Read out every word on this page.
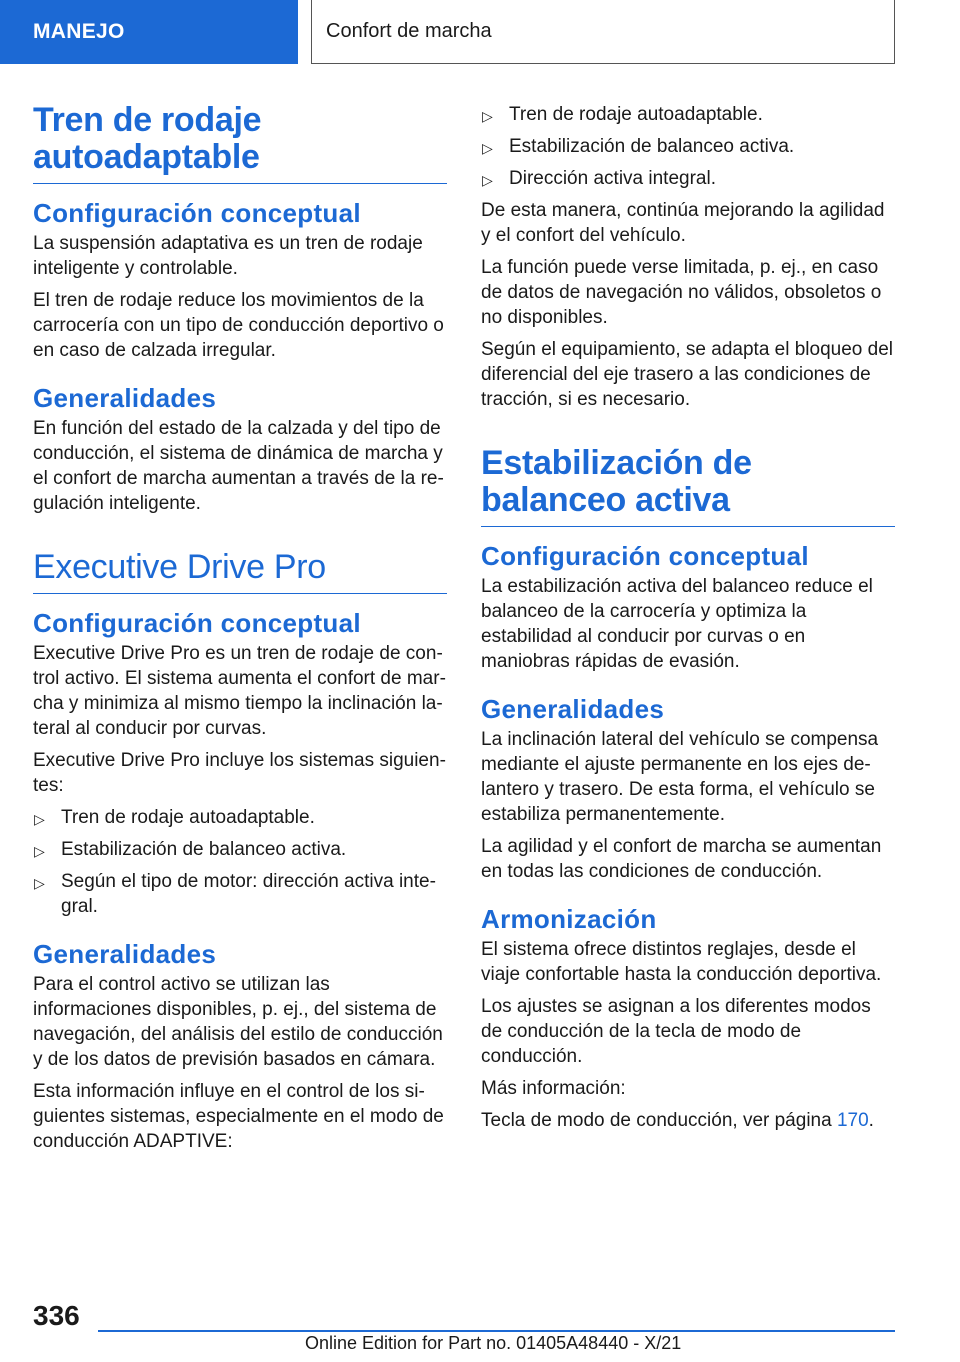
MANEJO	Confort de marcha
Tren de rodaje autoadaptable
Configuración conceptual

La suspensión adaptativa es un tren de rodaje inteligente y controlable.

El tren de rodaje reduce los movimientos de la carrocería con un tipo de conducción deportivo o en caso de calzada irregular.

Generalidades

En función del estado de la calzada y del tipo de conducción, el sistema de dinámica de marcha y el confort de marcha aumentan a través de la regulación inteligente.

Executive Drive Pro
Configuración conceptual

Executive Drive Pro es un tren de rodaje de control activo. El sistema aumenta el confort de marcha y minimiza al mismo tiempo la inclinación lateral al conducir por curvas.

Executive Drive Pro incluye los sistemas siguientes:

▷ Tren de rodaje autoadaptable.
▷ Estabilización de balanceo activa.
▷ Según el tipo de motor: dirección activa integral.
Generalidades

Para el control activo se utilizan las informaciones disponibles, p. ej., del sistema de navegación, del análisis del estilo de conducción y de los datos de previsión basados en cámara.

Esta información influye en el control de los siguientes sistemas, especialmente en el modo de conducción ADAPTIVE:

▷ Tren de rodaje autoadaptable.
▷ Estabilización de balanceo activa.
▷ Dirección activa integral.

De esta manera, continúa mejorando la agilidad y el confort del vehículo.

La función puede verse limitada, p. ej., en caso de datos de navegación no válidos, obsoletos o no disponibles.

Según el equipamiento, se adapta el bloqueo del diferencial del eje trasero a las condiciones de tracción, si es necesario.

Estabilización de balanceo activa
Configuración conceptual

La estabilización activa del balanceo reduce el balanceo de la carrocería y optimiza la estabilidad al conducir por curvas o en maniobras rápidas de evasión.

Generalidades

La inclinación lateral del vehículo se compensa mediante el ajuste permanente en los ejes delantero y trasero. De esta forma, el vehículo se estabiliza permanentemente.

La agilidad y el confort de marcha se aumentan en todas las condiciones de conducción.

Armonización

El sistema ofrece distintos reglajes, desde el viaje confortable hasta la conducción deportiva.

Los ajustes se asignan a los diferentes modos de conducción de la tecla de modo de conducción.

Más información:

Tecla de modo de conducción, ver página 170.

336
Online Edition for Part no. 01405A48440 - X/21
